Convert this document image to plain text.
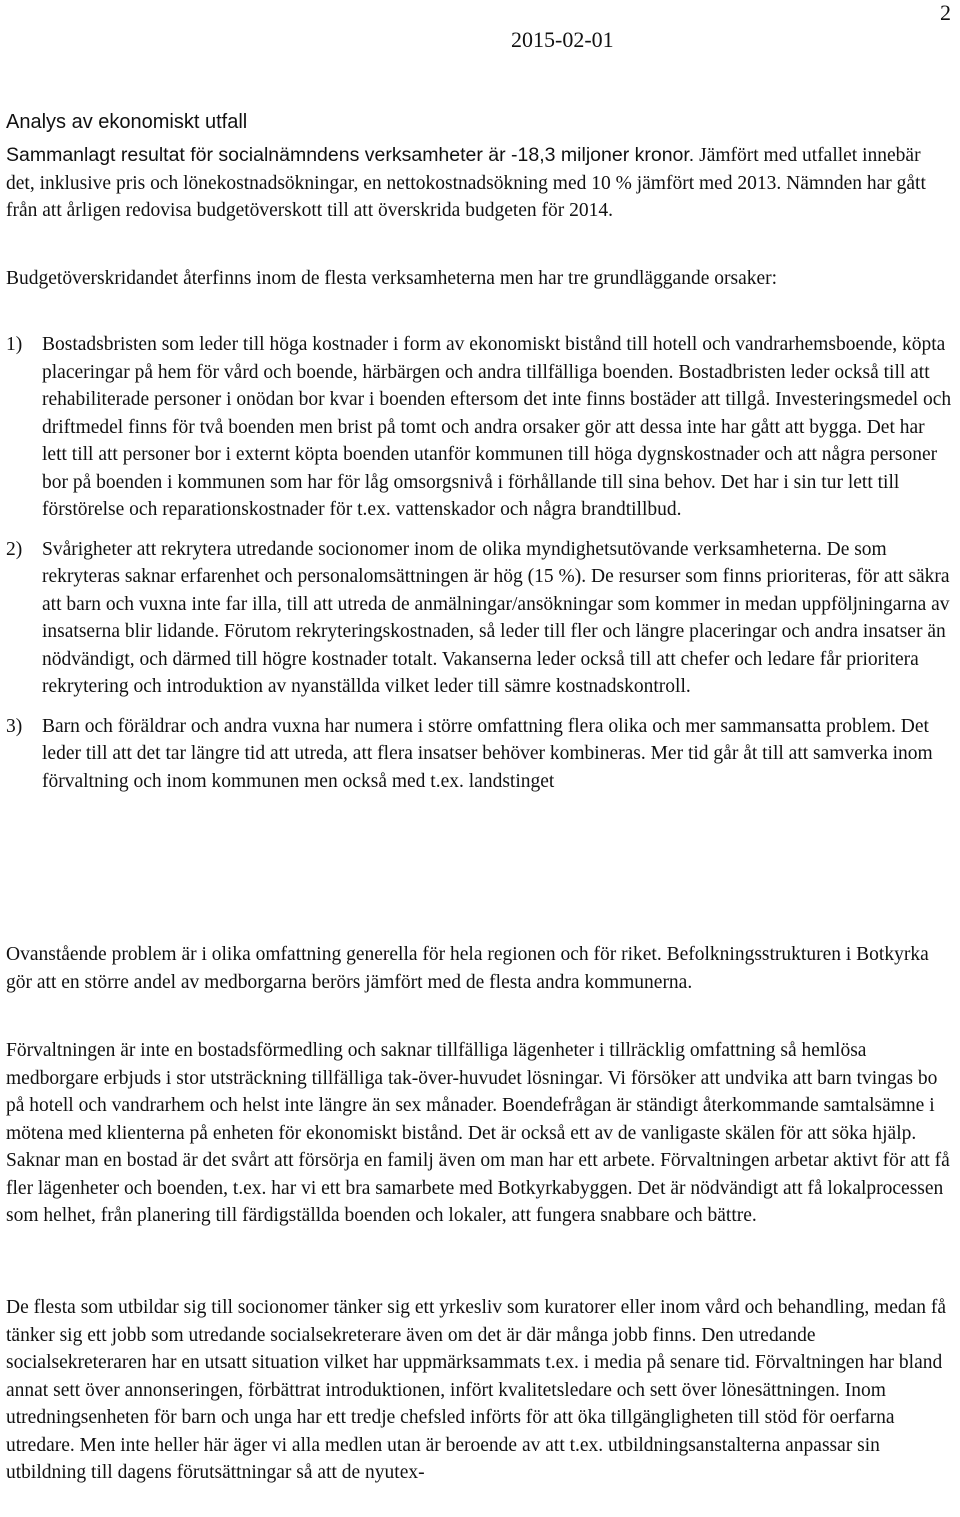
2
2015-02-01
Analys av ekonomiskt utfall

Sammanlagt resultat för socialnämndens verksamheter är -18,3 miljoner kronor. Jämfört med utfallet innebär det, inklusive pris och lönekostnadsökningar, en nettokostnadsökning med 10 % jämfört med 2013. Nämnden har gått från att årligen redovisa budgetöverskott till att överskrida budgeten för 2014.

Budgetöverskridandet återfinns inom de flesta verksamheterna men har tre grundläggande orsaker:

1) Bostadsbristen som leder till höga kostnader i form av ekonomiskt bistånd till hotell och vandrarhemsboende, köpta placeringar på hem för vård och boende, härbärgen och andra tillfälliga boenden. Bostadbristen leder också till att rehabiliterade personer i onödan bor kvar i boenden eftersom det inte finns bostäder att tillgå. Investeringsmedel och driftmedel finns för två boenden men brist på tomt och andra orsaker gör att dessa inte har gått att bygga. Det har lett till att personer bor i externt köpta boenden utanför kommunen till höga dygnskostnader och att några personer bor på boenden i kommunen som har för låg omsorgsnivå i förhållande till sina behov. Det har i sin tur lett till förstörelse och reparationskostnader för t.ex. vattenskador och några brandtillbud.

2) Svårigheter att rekrytera utredande socionomer inom de olika myndighetsutövande verksamheterna. De som rekryteras saknar erfarenhet och personalomsättningen är hög (15 %). De resurser som finns prioriteras, för att säkra att barn och vuxna inte far illa, till att utreda de anmälningar/ansökningar som kommer in medan uppföljningarna av insatserna blir lidande. Förutom rekryteringskostnaden, så leder till fler och längre placeringar och andra insatser än nödvändigt, och därmed till högre kostnader totalt. Vakanserna leder också till att chefer och ledare får prioritera rekrytering och introduktion av nyanställda vilket leder till sämre kostnadskontroll.

3) Barn och föräldrar och andra vuxna har numera i större omfattning flera olika och mer sammansatta problem. Det leder till att det tar längre tid att utreda, att flera insatser behöver kombineras. Mer tid går åt till att samverka inom förvaltning och inom kommunen men också med t.ex. landstinget

Ovanstående problem är i olika omfattning generella för hela regionen och för riket. Befolkningsstrukturen i Botkyrka gör att en större andel av medborgarna berörs jämfört med de flesta andra kommunerna.

Förvaltningen är inte en bostadsförmedling och saknar tillfälliga lägenheter i tillräcklig omfattning så hemlösa medborgare erbjuds i stor utsträckning tillfälliga tak-över-huvudet lösningar. Vi försöker att undvika att barn tvingas bo på hotell och vandrarhem och helst inte längre än sex månader. Boendefrågan är ständigt återkommande samtalsämne i mötena med klienterna på enheten för ekonomiskt bistånd. Det är också ett av de vanligaste skälen för att söka hjälp. Saknar man en bostad är det svårt att försörja en familj även om man har ett arbete. Förvaltningen arbetar aktivt för att få fler lägenheter och boenden, t.ex. har vi ett bra samarbete med Botkyrkabyggen. Det är nödvändigt att få lokalprocessen som helhet, från planering till färdigställda boenden och lokaler, att fungera snabbare och bättre.

De flesta som utbildar sig till socionomer tänker sig ett yrkesliv som kuratorer eller inom vård och behandling, medan få tänker sig ett jobb som utredande socialsekreterare även om det är där många jobb finns. Den utredande socialsekreteraren har en utsatt situation vilket har uppmärksammats t.ex. i media på senare tid. Förvaltningen har bland annat sett över annonseringen, förbättrat introduktionen, infört kvalitetsledare och sett över lönesättningen. Inom utredningsenheten för barn och unga har ett tredje chefsled införts för att öka tillgängligheten till stöd för oerfarna utredare. Men inte heller här äger vi alla medlen utan är beroende av att t.ex. utbildningsanstalterna anpassar sin utbildning till dagens förutsättningar så att de nyutex-
